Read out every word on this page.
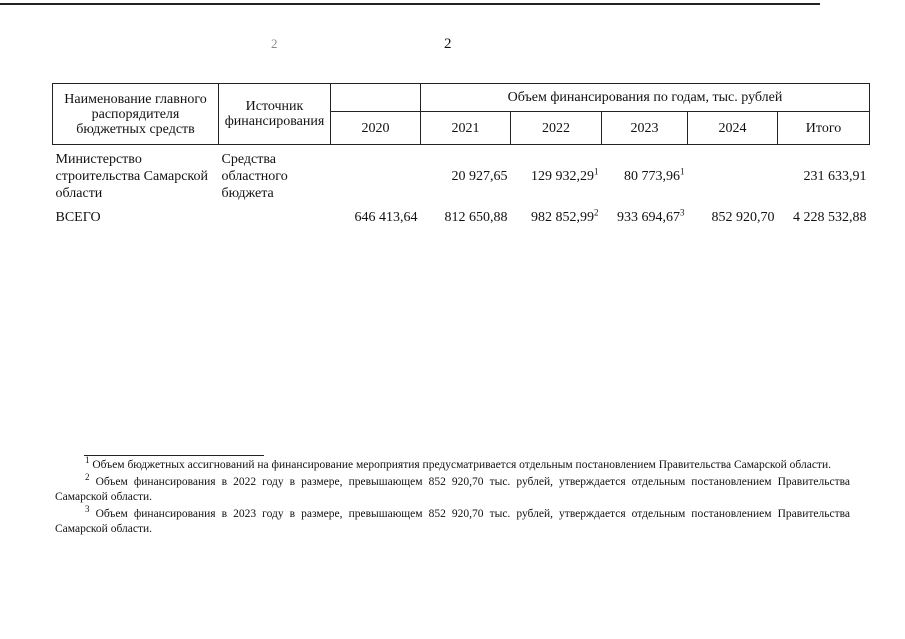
2	2
Наименование главного распорядителя бюджетных средств	Источник финансирования		Объем финансирования по годам, тыс. рублей				
		2020	2021	2022	2023	2024	Итого
Министерство строительства Самарской области	Средства областного бюджета		20 927,65	129 932,29$^1$	80 773,96$^1$		231 633,91
ВСЕГО		646 413,64	812 650,88	982 852,99$^2$	933 694,67$^3$	852 920,70	4 228 532,88

$^1$ Объем бюджетных ассигнований на финансирование мероприятия предусматривается отдельным постановлением Правительства Самарской области.

$^2$ Объем финансирования в 2022 году в размере, превышающем 852 920,70 тыс. рублей, утверждается отдельным постановлением Правительства Самарской области.

$^3$ Объем финансирования в 2023 году в размере, превышающем 852 920,70 тыс. рублей, утверждается отдельным постановлением Правительства Самарской области.
